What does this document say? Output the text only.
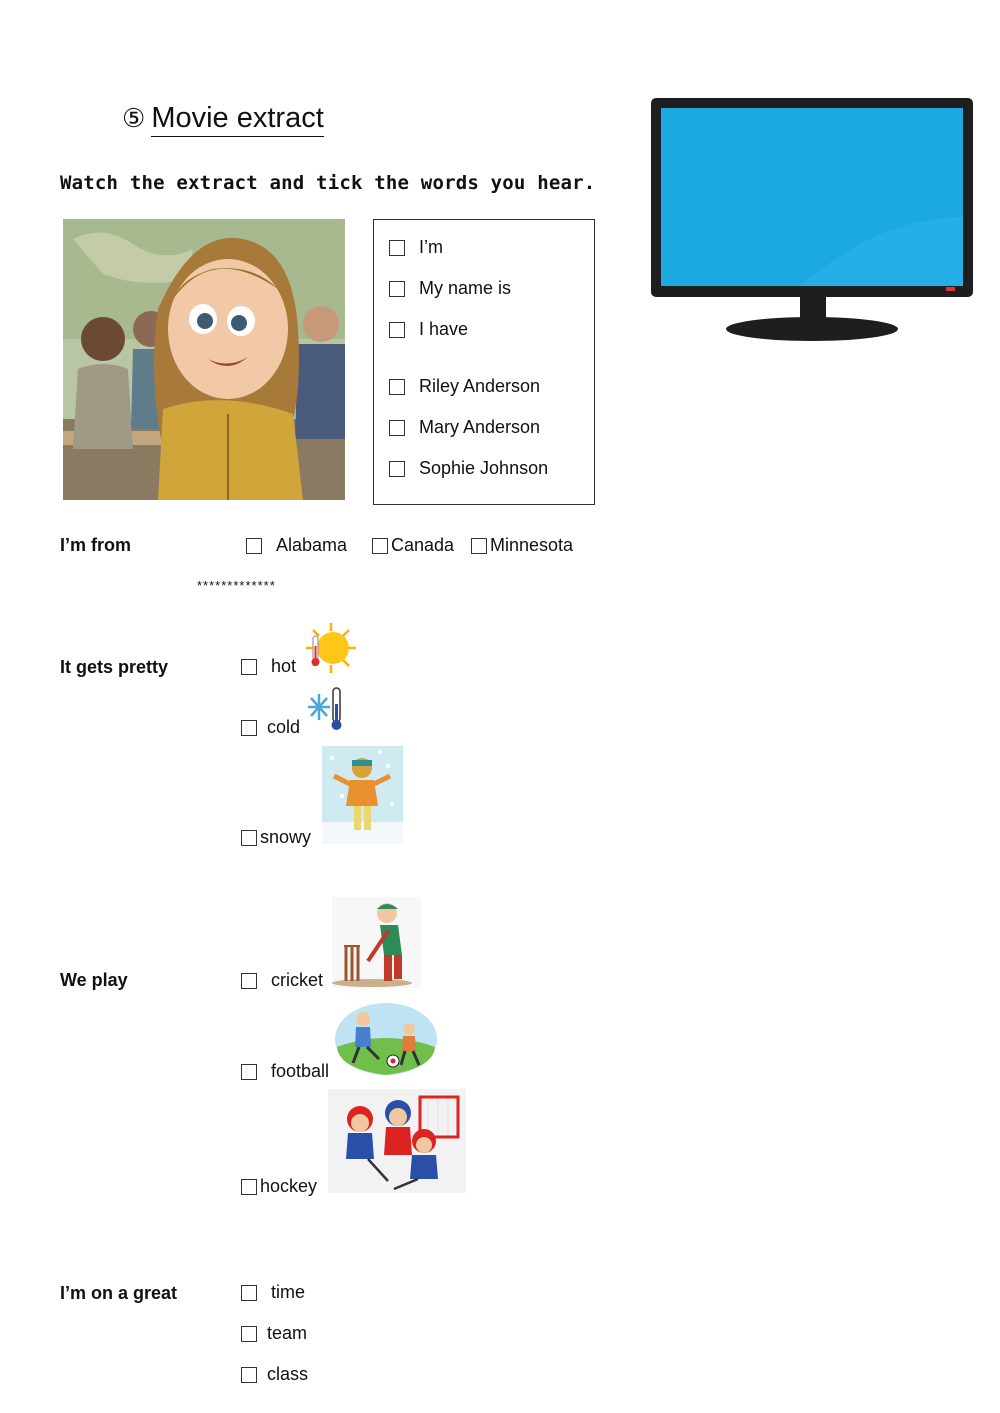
⑤ Movie extract
Watch the extract and tick the words you hear.
I’m
My name is
I have
Riley Anderson
Mary Anderson
Sophie Johnson
I’m from	Alabama Canada Minnesota
*************
It gets pretty	hot
cold
snowy
We play	cricket
football
hockey
I’m on a great	time
team
class
